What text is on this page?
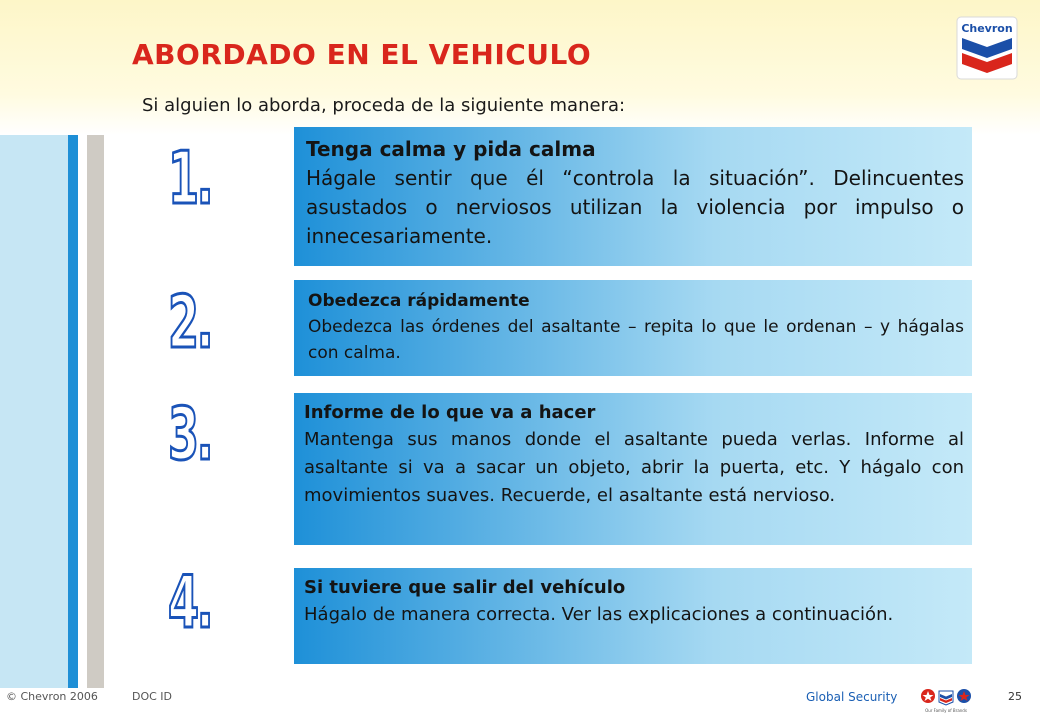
ABORDADO EN EL VEHICULO

Si alguien lo aborda, proceda de la siguiente manera:

Chevron
1.
2.
3.
4.
Tenga calma y pida calma

Hágale sentir que él “controla la situación”. Delincuentes asustados o nerviosos utilizan la violencia por impulso o innecesariamente.

Obedezca rápidamente

Obedezca las órdenes del asaltante – repita lo que le ordenan – y hágalas con calma.

Informe de lo que va a hacer

Mantenga sus manos donde el asaltante pueda verlas. Informe al asaltante si va a sacar un objeto, abrir la puerta, etc. Y hágalo con movimientos suaves. Recuerde, el asaltante está nervioso.

Si tuviere que salir del vehículo

Hágalo de manera correcta. Ver las explicaciones a continuación.

© Chevron 2006	DOC ID	Global Security
Our Family of Brands
25
